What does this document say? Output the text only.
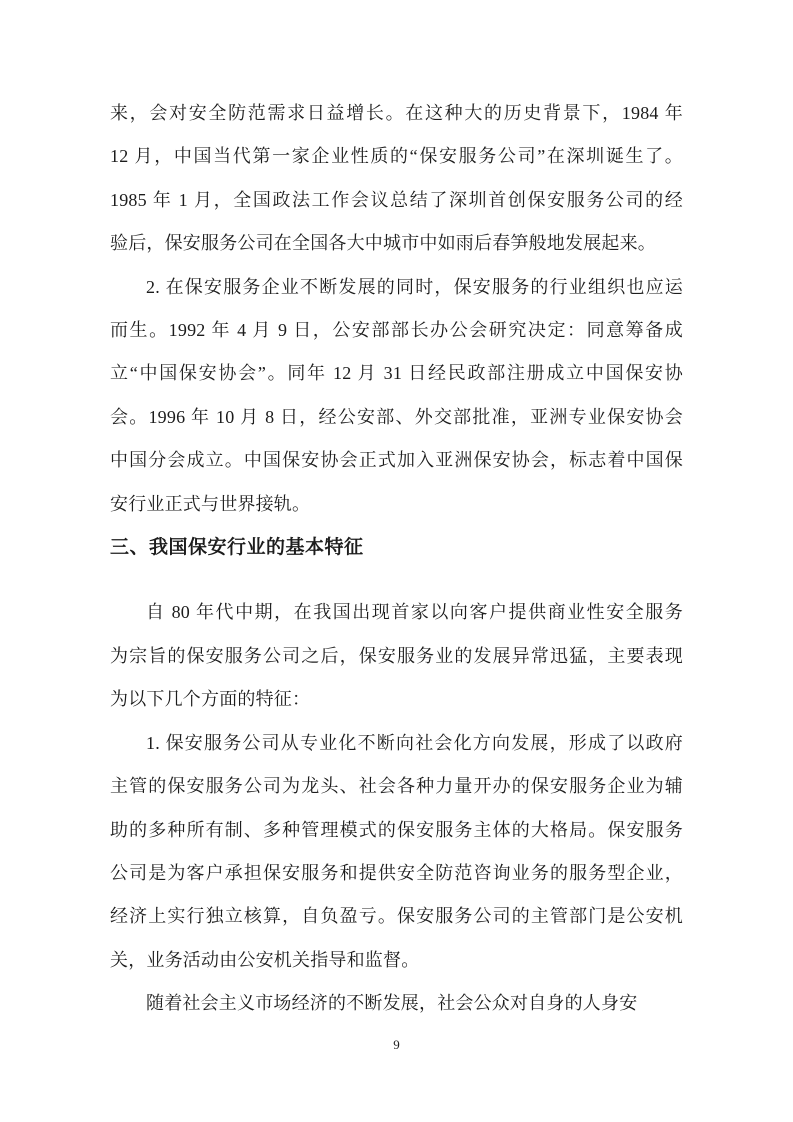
来，会对安全防范需求日益增长。在这种大的历史背景下，1984 年
12 月，中国当代第一家企业性质的“保安服务公司”在深圳诞生了。
1985 年 1 月，全国政法工作会议总结了深圳首创保安服务公司的经
验后，保安服务公司在全国各大中城市中如雨后春笋般地发展起来。
2. 在保安服务企业不断发展的同时，保安服务的行业组织也应运
而生。1992 年 4 月 9 日，公安部部长办公会研究决定：同意筹备成
立“中国保安协会”。同年 12 月 31 日经民政部注册成立中国保安协
会。1996 年 10 月 8 日，经公安部、外交部批准，亚洲专业保安协会
中国分会成立。中国保安协会正式加入亚洲保安协会，标志着中国保
安行业正式与世界接轨。
三、我国保安行业的基本特征
自 80 年代中期，在我国出现首家以向客户提供商业性安全服务
为宗旨的保安服务公司之后，保安服务业的发展异常迅猛，主要表现
为以下几个方面的特征：
1. 保安服务公司从专业化不断向社会化方向发展，形成了以政府
主管的保安服务公司为龙头、社会各种力量开办的保安服务企业为辅
助的多种所有制、多种管理模式的保安服务主体的大格局。保安服务
公司是为客户承担保安服务和提供安全防范咨询业务的服务型企业，
经济上实行独立核算，自负盈亏。保安服务公司的主管部门是公安机
关，业务活动由公安机关指导和监督。
随着社会主义市场经济的不断发展，社会公众对自身的人身安
9
